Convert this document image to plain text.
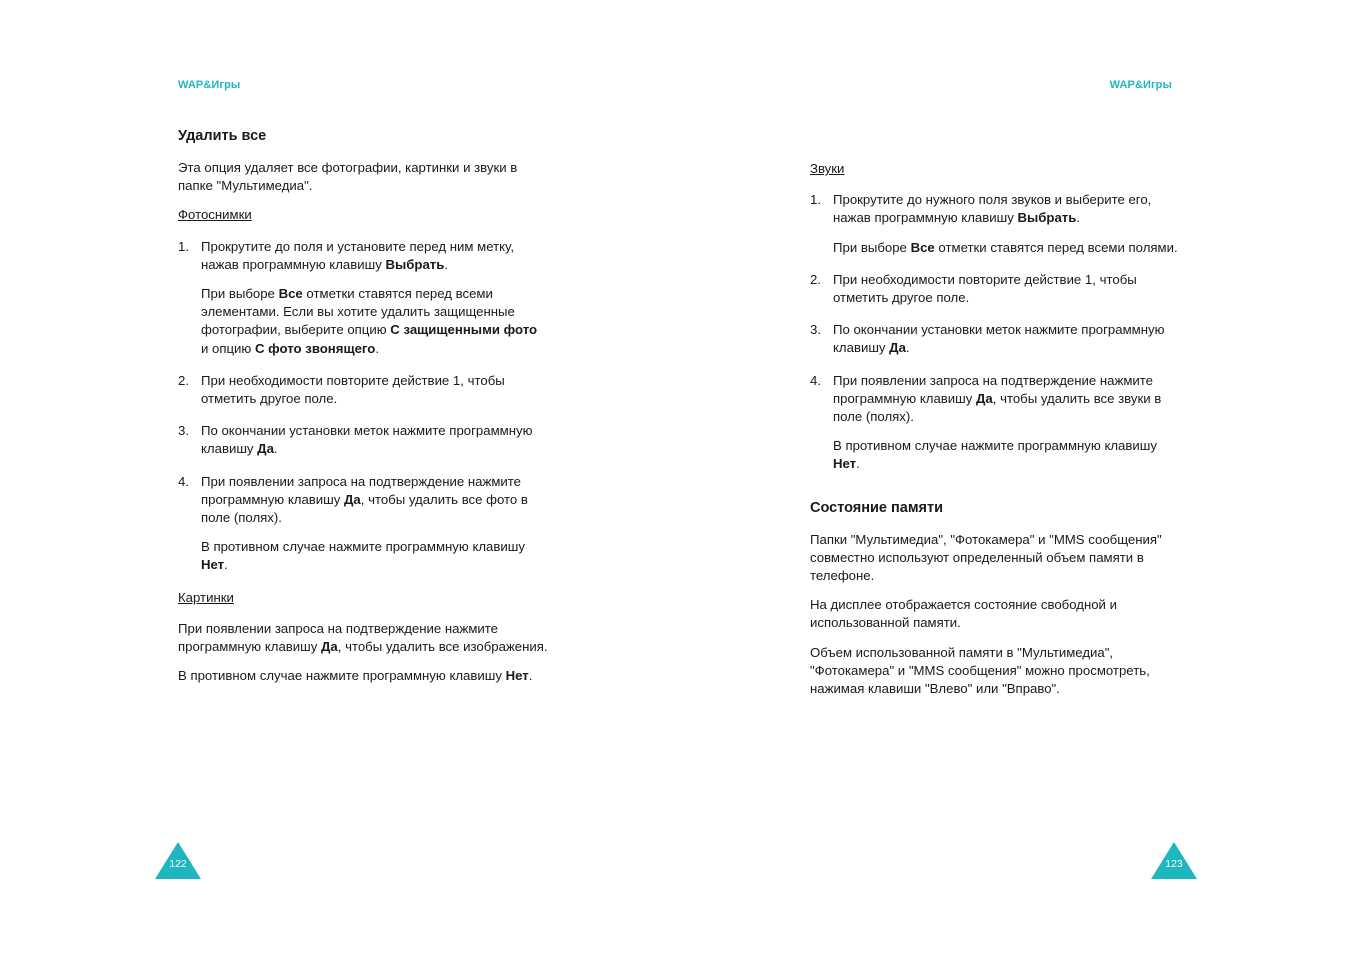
WAP&Игры
Удалить все

Эта опция удаляет все фотографии, картинки и звуки в папке "Мультимедиа".

Фотоснимки

1. Прокрутите до поля и установите перед ним метку, нажав программную клавишу Выбрать.

При выборе Все отметки ставятся перед всеми элементами. Если вы хотите удалить защищенные фотографии, выберите опцию С защищенными фото и опцию С фото звонящего.

2. При необходимости повторите действие 1, чтобы отметить другое поле.

3. По окончании установки меток нажмите программную клавишу Да.

4. При появлении запроса на подтверждение нажмите программную клавишу Да, чтобы удалить все фото в поле (полях).

В противном случае нажмите программную клавишу Нет.

Картинки

При появлении запроса на подтверждение нажмите программную клавишу Да, чтобы удалить все изображения.

В противном случае нажмите программную клавишу Нет.

122
WAP&Игры

Звуки

1. Прокрутите до нужного поля звуков и выберите его, нажав программную клавишу Выбрать.

При выборе Все отметки ставятся перед всеми полями.

2. При необходимости повторите действие 1, чтобы отметить другое поле.

3. По окончании установки меток нажмите программную клавишу Да.

4. При появлении запроса на подтверждение нажмите программную клавишу Да, чтобы удалить все звуки в поле (полях).

В противном случае нажмите программную клавишу Нет.

Состояние памяти

Папки "Мультимедиа", "Фотокамера" и "MMS сообщения" совместно используют определенный объем памяти в телефоне.

На дисплее отображается состояние свободной и использованной памяти.

Объем использованной памяти в "Мультимедиа", "Фотокамера" и "MMS сообщения" можно просмотреть, нажимая клавиши "Влево" или "Вправо".

123
